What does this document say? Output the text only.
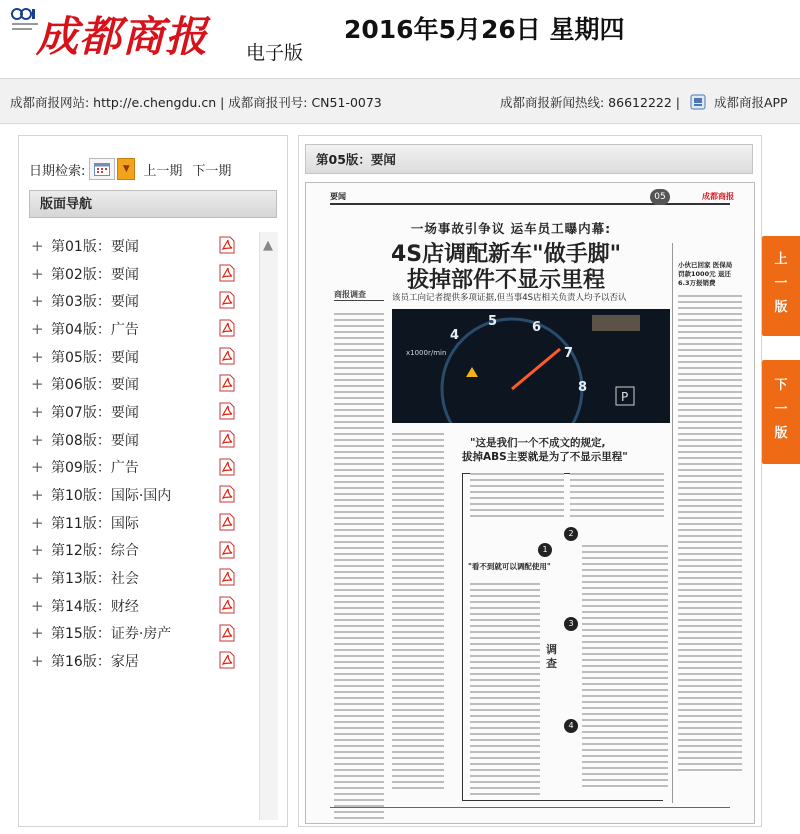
成都商报 电子版
2016年5月26日 星期四
成都商报网站: http://e.chengdu.cn | 成都商报刊号: CN51-0073	成都商报新闻热线: 86612222 |	成都商报APP
日期检索:	▼ 上一期 下一期
版面导航
+ 第01版：要闻
+ 第02版：要闻
+ 第03版：要闻
+ 第04版：广告
+ 第05版：要闻
+ 第06版：要闻
+ 第07版：要闻
+ 第08版：要闻
+ 第09版：广告
+ 第10版：国际·国内
+ 第11版：国际
+ 第12版：综合
+ 第13版：社会
+ 第14版：财经
+ 第15版：证券·房产
+ 第16版：家居
▲
第05版：要闻
要闻	05	成都商报
一场事故引争议 运车员工曝内幕:
4S店调配新车"做手脚"
拔掉部件不显示里程
小伙已回家 医保局罚款1000元 退还6.3万报销费
商报调查	该员工向记者提供多项证据,但当事4S店相关负责人均予以否认
4
5	6
7
8
x1000r/min
P
"这是我们一个不成文的规定,
拔掉ABS主要就是为了不显示里程"
"看不到就可以调配使用"
1
2
3
4
调查
上一版
下一版
